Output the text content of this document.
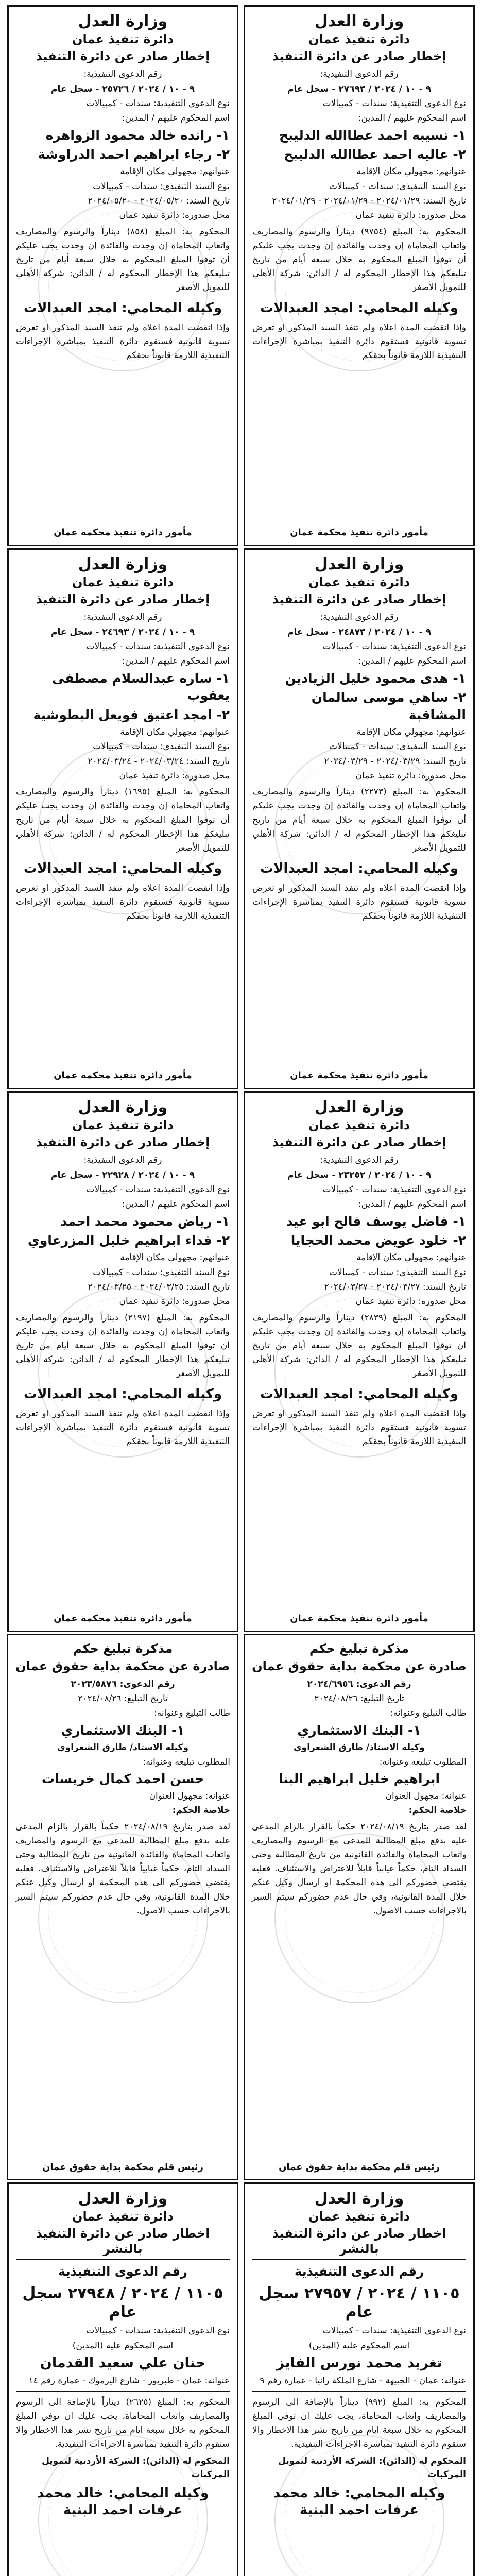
وزارة العدل
دائرة تنفيذ عمان
إخطار صادر عن دائرة التنفيذ
رقم الدعوى التنفيذية:
٩ - ١٠ / ٢٠٢٤ / ٢٧٦٩٣ - سجل عام
نوع الدعوى التنفيذية: سندات - كمبيالات
اسم المحكوم عليهم / المدين:
١- نسيبه احمد عطاالله الدليبح
٢- عاليه احمد عطاالله الدليبح
عنوانهم: مجهولي مكان الإقامة
نوع السند التنفيذي: سندات - كمبيالات
تاريخ السند: ٢٠٢٤/٠١/٢٩ - ٢٠٢٤/٠١/٢٩ - ٢٠٢٤/٠١/٢٩
محل صدوره: دائرة تنفيذ عمان
المحكوم به: المبلغ (٩٧٥٤) ديناراً والرسوم والمصاريف واتعاب المحاماة إن وجدت والفائدة إن وجدت يجب عليكم أن توفوا المبلغ المحكوم به خلال سبعة أيام من تاريخ تبليغكم هذا الإخطار المحكوم له / الدائن: شركة الأهلي للتمويل الأصغر
وكيله المحامي: امجد العبدالات
وإذا انقضت المدة اعلاه ولم تنفذ السند المذكور او تعرض تسوية قانونية فستقوم دائرة التنفيذ بمباشرة الإجراءات التنفيذية اللازمة قانوناً بحقكم
مأمور دائرة تنفيذ محكمة عمان
وزارة العدل
دائرة تنفيذ عمان
إخطار صادر عن دائرة التنفيذ
رقم الدعوى التنفيذية:
٩ - ١٠ / ٢٠٢٤ / ٢٥٧٢٦ - سجل عام
نوع الدعوى التنفيذية: سندات - كمبيالات
اسم المحكوم عليهم / المدين:
١- رانده خالد محمود الزواهره
٢- رجاء ابراهيم احمد الدراوشة
عنوانهم: مجهولي مكان الإقامة
نوع السند التنفيذي: سندات - كمبيالات
تاريخ السند: ٢٠٢٤/٠٥/٢٠ - ٢٠٢٤/٠٥/٢٠
محل صدوره: دائرة تنفيذ عمان
المحكوم به: المبلغ (٨٥٨) ديناراً والرسوم والمصاريف واتعاب المحاماة إن وجدت والفائدة إن وجدت يجب عليكم أن توفوا المبلغ المحكوم به خلال سبعة أيام من تاريخ تبليغكم هذا الإخطار المحكوم له / الدائن: شركة الأهلي للتمويل الأصغر
وكيله المحامي: امجد العبدالات
وإذا انقضت المدة اعلاه ولم تنفذ السند المذكور او تعرض تسوية قانونية فستقوم دائرة التنفيذ بمباشرة الإجراءات التنفيذية اللازمة قانوناً بحقكم
مأمور دائرة تنفيذ محكمة عمان
وزارة العدل
دائرة تنفيذ عمان
إخطار صادر عن دائرة التنفيذ
رقم الدعوى التنفيذية:
٩ - ١٠ / ٢٠٢٤ / ٢٤٨٧٣ - سجل عام
نوع الدعوى التنفيذية: سندات - كمبيالات
اسم المحكوم عليهم / المدين:
١- هدى محمود خليل الزيادين
٢- ساهي موسى سالمان المشاقبة
عنوانهم: مجهولي مكان الإقامة
نوع السند التنفيذي: سندات - كمبيالات
تاريخ السند: ٢٠٢٤/٠٣/٢٩ - ٢٠٢٤/٠٣/٢٩
محل صدوره: دائرة تنفيذ عمان
المحكوم به: المبلغ (٢٢٧٣) ديناراً والرسوم والمصاريف واتعاب المحاماة إن وجدت والفائدة إن وجدت يجب عليكم أن توفوا المبلغ المحكوم به خلال سبعة أيام من تاريخ تبليغكم هذا الإخطار المحكوم له / الدائن: شركة الأهلي للتمويل الأصغر
وكيله المحامي: امجد العبدالات
وإذا انقضت المدة اعلاه ولم تنفذ السند المذكور او تعرض تسوية قانونية فستقوم دائرة التنفيذ بمباشرة الإجراءات التنفيذية اللازمة قانوناً بحقكم
مأمور دائرة تنفيذ محكمة عمان
وزارة العدل
دائرة تنفيذ عمان
إخطار صادر عن دائرة التنفيذ
رقم الدعوى التنفيذية:
٩ - ١٠ / ٢٠٢٤ / ٢٤٦٩٣ - سجل عام
نوع الدعوى التنفيذية: سندات - كمبيالات
اسم المحكوم عليهم / المدين:
١- ساره عبدالسلام مصطفى يعقوب
٢- امجد اعتيق فويعل البطوشية
عنوانهم: مجهولي مكان الإقامة
نوع السند التنفيذي: سندات - كمبيالات
تاريخ السند: ٢٠٢٤/٠٣/٢٤ - ٢٠٢٤/٠٣/٢٤
محل صدوره: دائرة تنفيذ عمان
المحكوم به: المبلغ (١٦٩٥) ديناراً والرسوم والمصاريف واتعاب المحاماة إن وجدت والفائدة إن وجدت يجب عليكم أن توفوا المبلغ المحكوم به خلال سبعة أيام من تاريخ تبليغكم هذا الإخطار المحكوم له / الدائن: شركة الأهلي للتمويل الأصغر
وكيله المحامي: امجد العبدالات
وإذا انقضت المدة اعلاه ولم تنفذ السند المذكور او تعرض تسوية قانونية فستقوم دائرة التنفيذ بمباشرة الإجراءات التنفيذية اللازمة قانوناً بحقكم
مأمور دائرة تنفيذ محكمة عمان
وزارة العدل
دائرة تنفيذ عمان
إخطار صادر عن دائرة التنفيذ
رقم الدعوى التنفيذية:
٩ - ١٠ / ٢٠٢٤ / ٢٣٢٥٢ - سجل عام
نوع الدعوى التنفيذية: سندات - كمبيالات
اسم المحكوم عليهم / المدين:
١- فاضل يوسف فالح ابو عيد
٢- خلود عويض محمد الحجايا
عنوانهم: مجهولي مكان الإقامة
نوع السند التنفيذي: سندات - كمبيالات
تاريخ السند: ٢٠٢٤/٠٣/٢٧ - ٢٠٢٤/٠٣/٢٧
محل صدوره: دائرة تنفيذ عمان
المحكوم به: المبلغ (٢٨٣٩) ديناراً والرسوم والمصاريف واتعاب المحاماة إن وجدت والفائدة إن وجدت يجب عليكم أن توفوا المبلغ المحكوم به خلال سبعة أيام من تاريخ تبليغكم هذا الإخطار المحكوم له / الدائن: شركة الأهلي للتمويل الأصغر
وكيله المحامي: امجد العبدالات
وإذا انقضت المدة اعلاه ولم تنفذ السند المذكور او تعرض تسوية قانونية فستقوم دائرة التنفيذ بمباشرة الإجراءات التنفيذية اللازمة قانوناً بحقكم
مأمور دائرة تنفيذ محكمة عمان
وزارة العدل
دائرة تنفيذ عمان
إخطار صادر عن دائرة التنفيذ
رقم الدعوى التنفيذية:
٩ - ١٠ / ٢٠٢٤ / ٢٢٩٢٨ - سجل عام
نوع الدعوى التنفيذية: سندات - كمبيالات
اسم المحكوم عليهم / المدين:
١- رياض محمود محمد احمد
٢- فداء ابراهيم خليل المزرعاوي
عنوانهم: مجهولي مكان الإقامة
نوع السند التنفيذي: سندات - كمبيالات
تاريخ السند: ٢٠٢٤/٠٣/٢٥ - ٢٠٢٤/٠٣/٢٥
محل صدوره: دائرة تنفيذ عمان
المحكوم به: المبلغ (٢١٩٧) ديناراً والرسوم والمصاريف واتعاب المحاماة إن وجدت والفائدة إن وجدت يجب عليكم أن توفوا المبلغ المحكوم به خلال سبعة أيام من تاريخ تبليغكم هذا الإخطار المحكوم له / الدائن: شركة الأهلي للتمويل الأصغر
وكيله المحامي: امجد العبدالات
وإذا انقضت المدة اعلاه ولم تنفذ السند المذكور او تعرض تسوية قانونية فستقوم دائرة التنفيذ بمباشرة الإجراءات التنفيذية اللازمة قانوناً بحقكم
مأمور دائرة تنفيذ محكمة عمان
مذكرة تبليغ حكم
صادرة عن محكمة بداية حقوق عمان
رقم الدعوى: ٢٠٢٤/٦٩٥٦
تاريخ التبليغ: ٢٠٢٤/٠٨/٢٦
طالب التبليغ وعنوانه:
١- البنك الاستثماري
وكيله الاستاذ/ طارق الشعراوي
المطلوب تبليغه وعنوانه:
ابراهيم خليل ابراهيم البنا
عنوانه: مجهول العنوان
خلاصة الحكم:
لقد صدر بتاريخ ٢٠٢٤/٠٨/١٩ حكماً بالقرار بالزام المدعى عليه بدفع مبلغ المطالبة للمدعي مع الرسوم والمصاريف واتعاب المحاماة والفائدة القانونية من تاريخ المطالبة وحتى السداد التام، حكماً غيابياً قابلاً للاعتراض والاستئناف. فعليه يقتضي حضوركم الى هذه المحكمة او ارسال وكيل عنكم خلال المدة القانونية، وفي حال عدم حضوركم سيتم السير بالاجراءات حسب الاصول.
رئيس قلم محكمة بداية حقوق عمان
مذكرة تبليغ حكم
صادرة عن محكمة بداية حقوق عمان
رقم الدعوى: ٢٠٢٣/٥٨٧٦
تاريخ التبليغ: ٢٠٢٤/٠٨/٢٦
طالب التبليغ وعنوانه:
١- البنك الاستثماري
وكيله الاستاذ/ طارق الشعراوي
المطلوب تبليغه وعنوانه:
حسن احمد كمال خريسات
عنوانه: مجهول العنوان
خلاصة الحكم:
لقد صدر بتاريخ ٢٠٢٤/٠٨/١٩ حكماً بالقرار بالزام المدعى عليه بدفع مبلغ المطالبة للمدعي مع الرسوم والمصاريف واتعاب المحاماة والفائدة القانونية من تاريخ المطالبة وحتى السداد التام، حكماً غيابياً قابلاً للاعتراض والاستئناف. فعليه يقتضي حضوركم الى هذه المحكمة او ارسال وكيل عنكم خلال المدة القانونية، وفي حال عدم حضوركم سيتم السير بالاجراءات حسب الاصول.
رئيس قلم محكمة بداية حقوق عمان
وزارة العدل
دائرة تنفيذ عمان
اخطار صادر عن دائرة التنفيذ بالنشر
رقم الدعوى التنفيذية
١١٠٥ / ٢٠٢٤ / ٢٧٩٥٧ سجل عام
نوع الدعوى التنفيذية: سندات - كمبيالات
اسم المحكوم عليه (المدين)
تغريد محمد نورس الفايز
عنوانه: عمان - الجبيهة - شارع الملكة رانيا - عمارة رقم ٩
المحكوم به: المبلغ (٩٩٢) ديناراً بالإضافة الى الرسوم والمصاريف واتعاب المحاماة، يجب عليك ان توفي المبلغ المحكوم به خلال سبعة ايام من تاريخ نشر هذا الاخطار والا ستقوم دائرة التنفيذ بمباشرة الاجراءات التنفيذية.
المحكوم له (الدائن): الشركة الأردنية لتمويل المركبات
وكيله المحامي: خالد محمد عرفات احمد البنية
وزارة العدل
دائرة تنفيذ عمان
اخطار صادر عن دائرة التنفيذ بالنشر
رقم الدعوى التنفيذية
١١٠٥ / ٢٠٢٤ / ٢٧٩٤٨ سجل عام
نوع الدعوى التنفيذية: سندات - كمبيالات
اسم المحكوم عليه (المدين)
حنان علي سعيد القدمان
عنوانه: عمان - طبربور - شارع اليرموك - عمارة رقم ١٤
المحكوم به: المبلغ (٢٦٢٥) ديناراً بالإضافة الى الرسوم والمصاريف واتعاب المحاماة، يجب عليك ان توفي المبلغ المحكوم به خلال سبعة ايام من تاريخ نشر هذا الاخطار والا ستقوم دائرة التنفيذ بمباشرة الاجراءات التنفيذية.
المحكوم له (الدائن): الشركة الأردنية لتمويل المركبات
وكيله المحامي: خالد محمد عرفات احمد البنية
